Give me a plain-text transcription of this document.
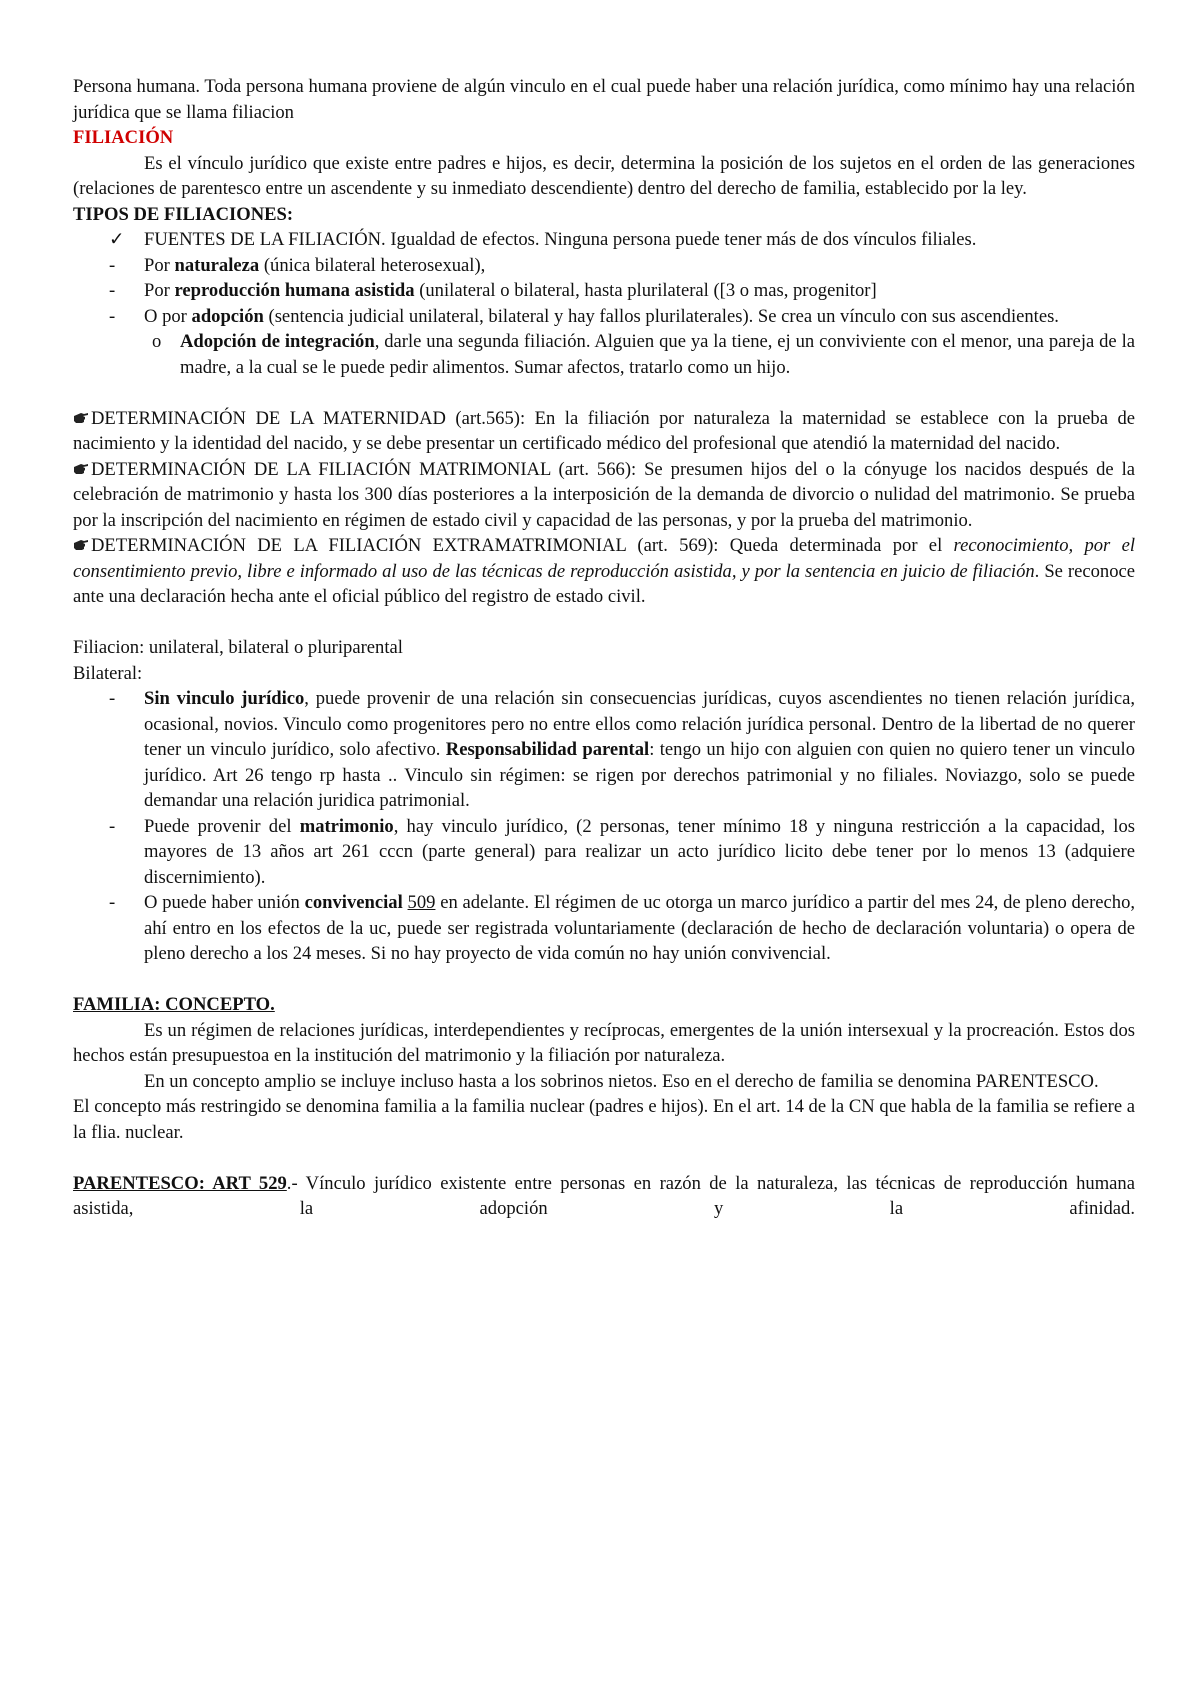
Persona humana. Toda persona humana proviene de algún vinculo en el cual puede haber una relación jurídica, como mínimo hay una relación jurídica que se llama filiacion

FILIACIÓN

Es el vínculo jurídico que existe entre padres e hijos, es decir, determina la posición de los sujetos en el orden de las generaciones (relaciones de parentesco entre un ascendente y su inmediato descendiente) dentro del derecho de familia, establecido por la ley.

TIPOS DE FILIACIONES:

✓ FUENTES DE LA FILIACIÓN. Igualdad de efectos. Ninguna persona puede tener más de dos vínculos filiales.
- Por naturaleza (única bilateral heterosexual),
- Por reproducción humana asistida (unilateral o bilateral, hasta plurilateral ([3 o mas, progenitor]
- O por adopción (sentencia judicial unilateral, bilateral y hay fallos plurilaterales). Se crea un vínculo con sus ascendientes.
o Adopción de integración, darle una segunda filiación. Alguien que ya la tiene, ej un conviviente con el menor, una pareja de la madre, a la cual se le puede pedir alimentos. Sumar afectos, tratarlo como un hijo.

DETERMINACIÓN DE LA MATERNIDAD (art.565): En la filiación por naturaleza la maternidad se establece con la prueba de nacimiento y la identidad del nacido, y se debe presentar un certificado médico del profesional que atendió la maternidad del nacido.

DETERMINACIÓN DE LA FILIACIÓN MATRIMONIAL (art. 566): Se presumen hijos del o la cónyuge los nacidos después de la celebración de matrimonio y hasta los 300 días posteriores a la interposición de la demanda de divorcio o nulidad del matrimonio. Se prueba por la inscripción del nacimiento en régimen de estado civil y capacidad de las personas, y por la prueba del matrimonio.

DETERMINACIÓN DE LA FILIACIÓN EXTRAMATRIMONIAL (art. 569): Queda determinada por el reconocimiento, por el consentimiento previo, libre e informado al uso de las técnicas de reproducción asistida, y por la sentencia en juicio de filiación. Se reconoce ante una declaración hecha ante el oficial público del registro de estado civil.

Filiacion: unilateral, bilateral o pluriparental

Bilateral:

- Sin vinculo jurídico, puede provenir de una relación sin consecuencias jurídicas, cuyos ascendientes no tienen relación jurídica, ocasional, novios. Vinculo como progenitores pero no entre ellos como relación jurídica personal. Dentro de la libertad de no querer tener un vinculo jurídico, solo afectivo. Responsabilidad parental: tengo un hijo con alguien con quien no quiero tener un vinculo jurídico. Art 26 tengo rp hasta .. Vinculo sin régimen: se rigen por derechos patrimonial y no filiales. Noviazgo, solo se puede demandar una relación juridica patrimonial.
- Puede provenir del matrimonio, hay vinculo jurídico, (2 personas, tener mínimo 18 y ninguna restricción a la capacidad, los mayores de 13 años art 261 cccn (parte general) para realizar un acto jurídico licito debe tener por lo menos 13 (adquiere discernimiento).
- O puede haber unión convivencial 509 en adelante. El régimen de uc otorga un marco jurídico a partir del mes 24, de pleno derecho, ahí entro en los efectos de la uc, puede ser registrada voluntariamente (declaración de hecho de declaración voluntaria) o opera de pleno derecho a los 24 meses. Si no hay proyecto de vida común no hay unión convivencial.

FAMILIA: CONCEPTO.

Es un régimen de relaciones jurídicas, interdependientes y recíprocas, emergentes de la unión intersexual y la procreación. Estos dos hechos están presupuestoa en la institución del matrimonio y la filiación por naturaleza.

En un concepto amplio se incluye incluso hasta a los sobrinos nietos. Eso en el derecho de familia se denomina PARENTESCO.

El concepto más restringido se denomina familia a la familia nuclear (padres e hijos). En el art. 14 de la CN que habla de la familia se refiere a la flia. nuclear.

PARENTESCO: ART 529.- Vínculo jurídico existente entre personas en razón de la naturaleza, las técnicas de reproducción humana asistida, la adopción y la afinidad.
